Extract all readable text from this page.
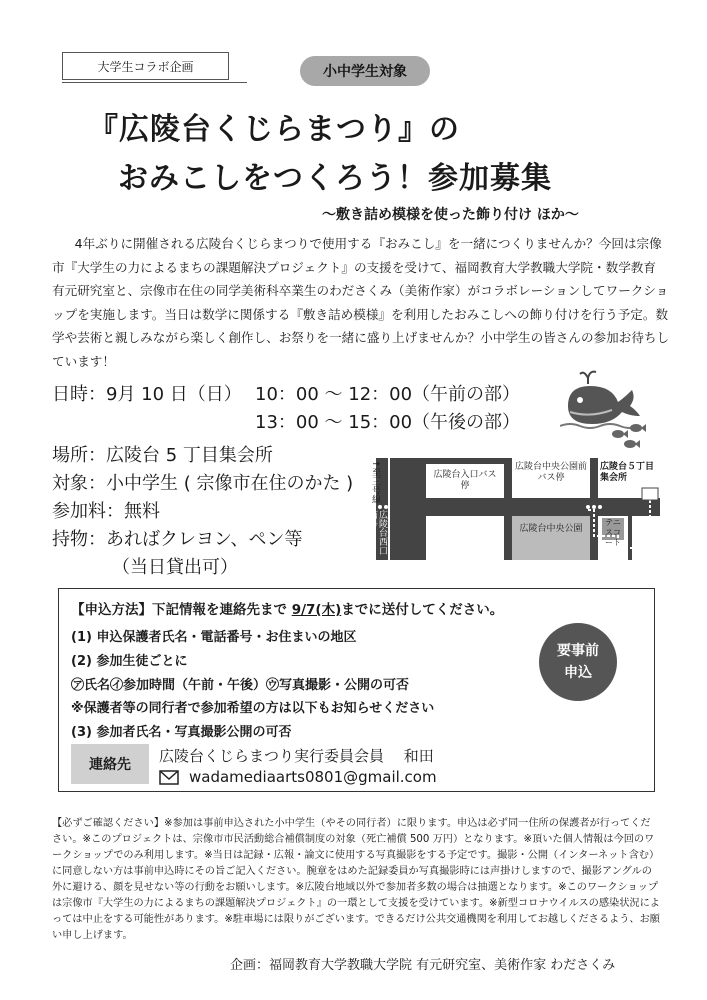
大学生コラボ企画	小中学生対象
『広陵台くじらまつり』の
おみこしをつくろう！参加募集
～敷き詰め模様を使った飾り付け ほか～
4年ぶりに開催される広陵台くじらまつりで使用する『おみこし』を一緒につくりませんか？今回は宗像市『大学生の力によるまちの課題解決プロジェクト』の支援を受けて、福岡教育大学教職大学院・数学教育 有元研究室と、宗像市在住の同学美術科卒業生のわださくみ（美術作家）がコラボレーションしてワークショップを実施します。当日は数学に関係する『敷き詰め模様』を利用したおみこしへの飾り付けを行う予定。数学や芸術と親しみながら楽しく創作し、お祭りを一緒に盛り上げませんか？小中学生の皆さんの参加お待ちしています！
日時：9月 10 日（日） 10：00 ～ 12：00（午前の部）
13：00 ～ 15：00（午後の部）
場所：広陵台 5 丁目集会所
対象：小中学生 ( 宗像市在住のかた )
参加料：無料
持物：あればクレヨン、ペン等
（当日貸出可）
↑至三号線
広陵台西口信号
広陵台入口バス停
広陵台中央公園前バス停
広陵台５丁目集会所
テニスコート
広陵台中央公園
【申込方法】下記情報を連絡先まで 9/7(木)までに送付してください。
(1) 申込保護者氏名・電話番号・お住まいの地区
(2) 参加生徒ごとに
㋐氏名㋑参加時間（午前・午後）㋒写真撮影・公開の可否
※保護者等の同行者で参加希望の方は以下もお知らせください
(3) 参加者氏名・写真撮影公開の可否
要事前
申込
連絡先	広陵台くじらまつり実行委員会員　 和田
wadamediaarts0801@gmail.com
【必ずご確認ください】※参加は事前申込された小中学生（やその同行者）に限ります。申込は必ず同一住所の保護者が行ってください。※このプロジェクトは、宗像市市民活動総合補償制度の対象（死亡補償 500 万円）となります。※頂いた個人情報は今回のワークショップでのみ利用します。※当日は記録・広報・論文に使用する写真撮影をする予定です。撮影・公開（インターネット含む）に同意しない方は事前申込時にその旨ご記入ください。腕章をはめた記録委員か写真撮影時には声掛けしますので、撮影アングルの外に避ける、顔を見せない等の行動をお願いします。※広陵台地域以外で参加者多数の場合は抽選となります。※このワークショップは宗像市『大学生の力によるまちの課題解決プロジェクト』の一環として支援を受けています。※新型コロナウイルスの感染状況によっては中止をする可能性があります。※駐車場には限りがございます。できるだけ公共交通機関を利用してお越しくださるよう、お願い申し上げます。
企画：福岡教育大学教職大学院 有元研究室、美術作家 わださくみ
